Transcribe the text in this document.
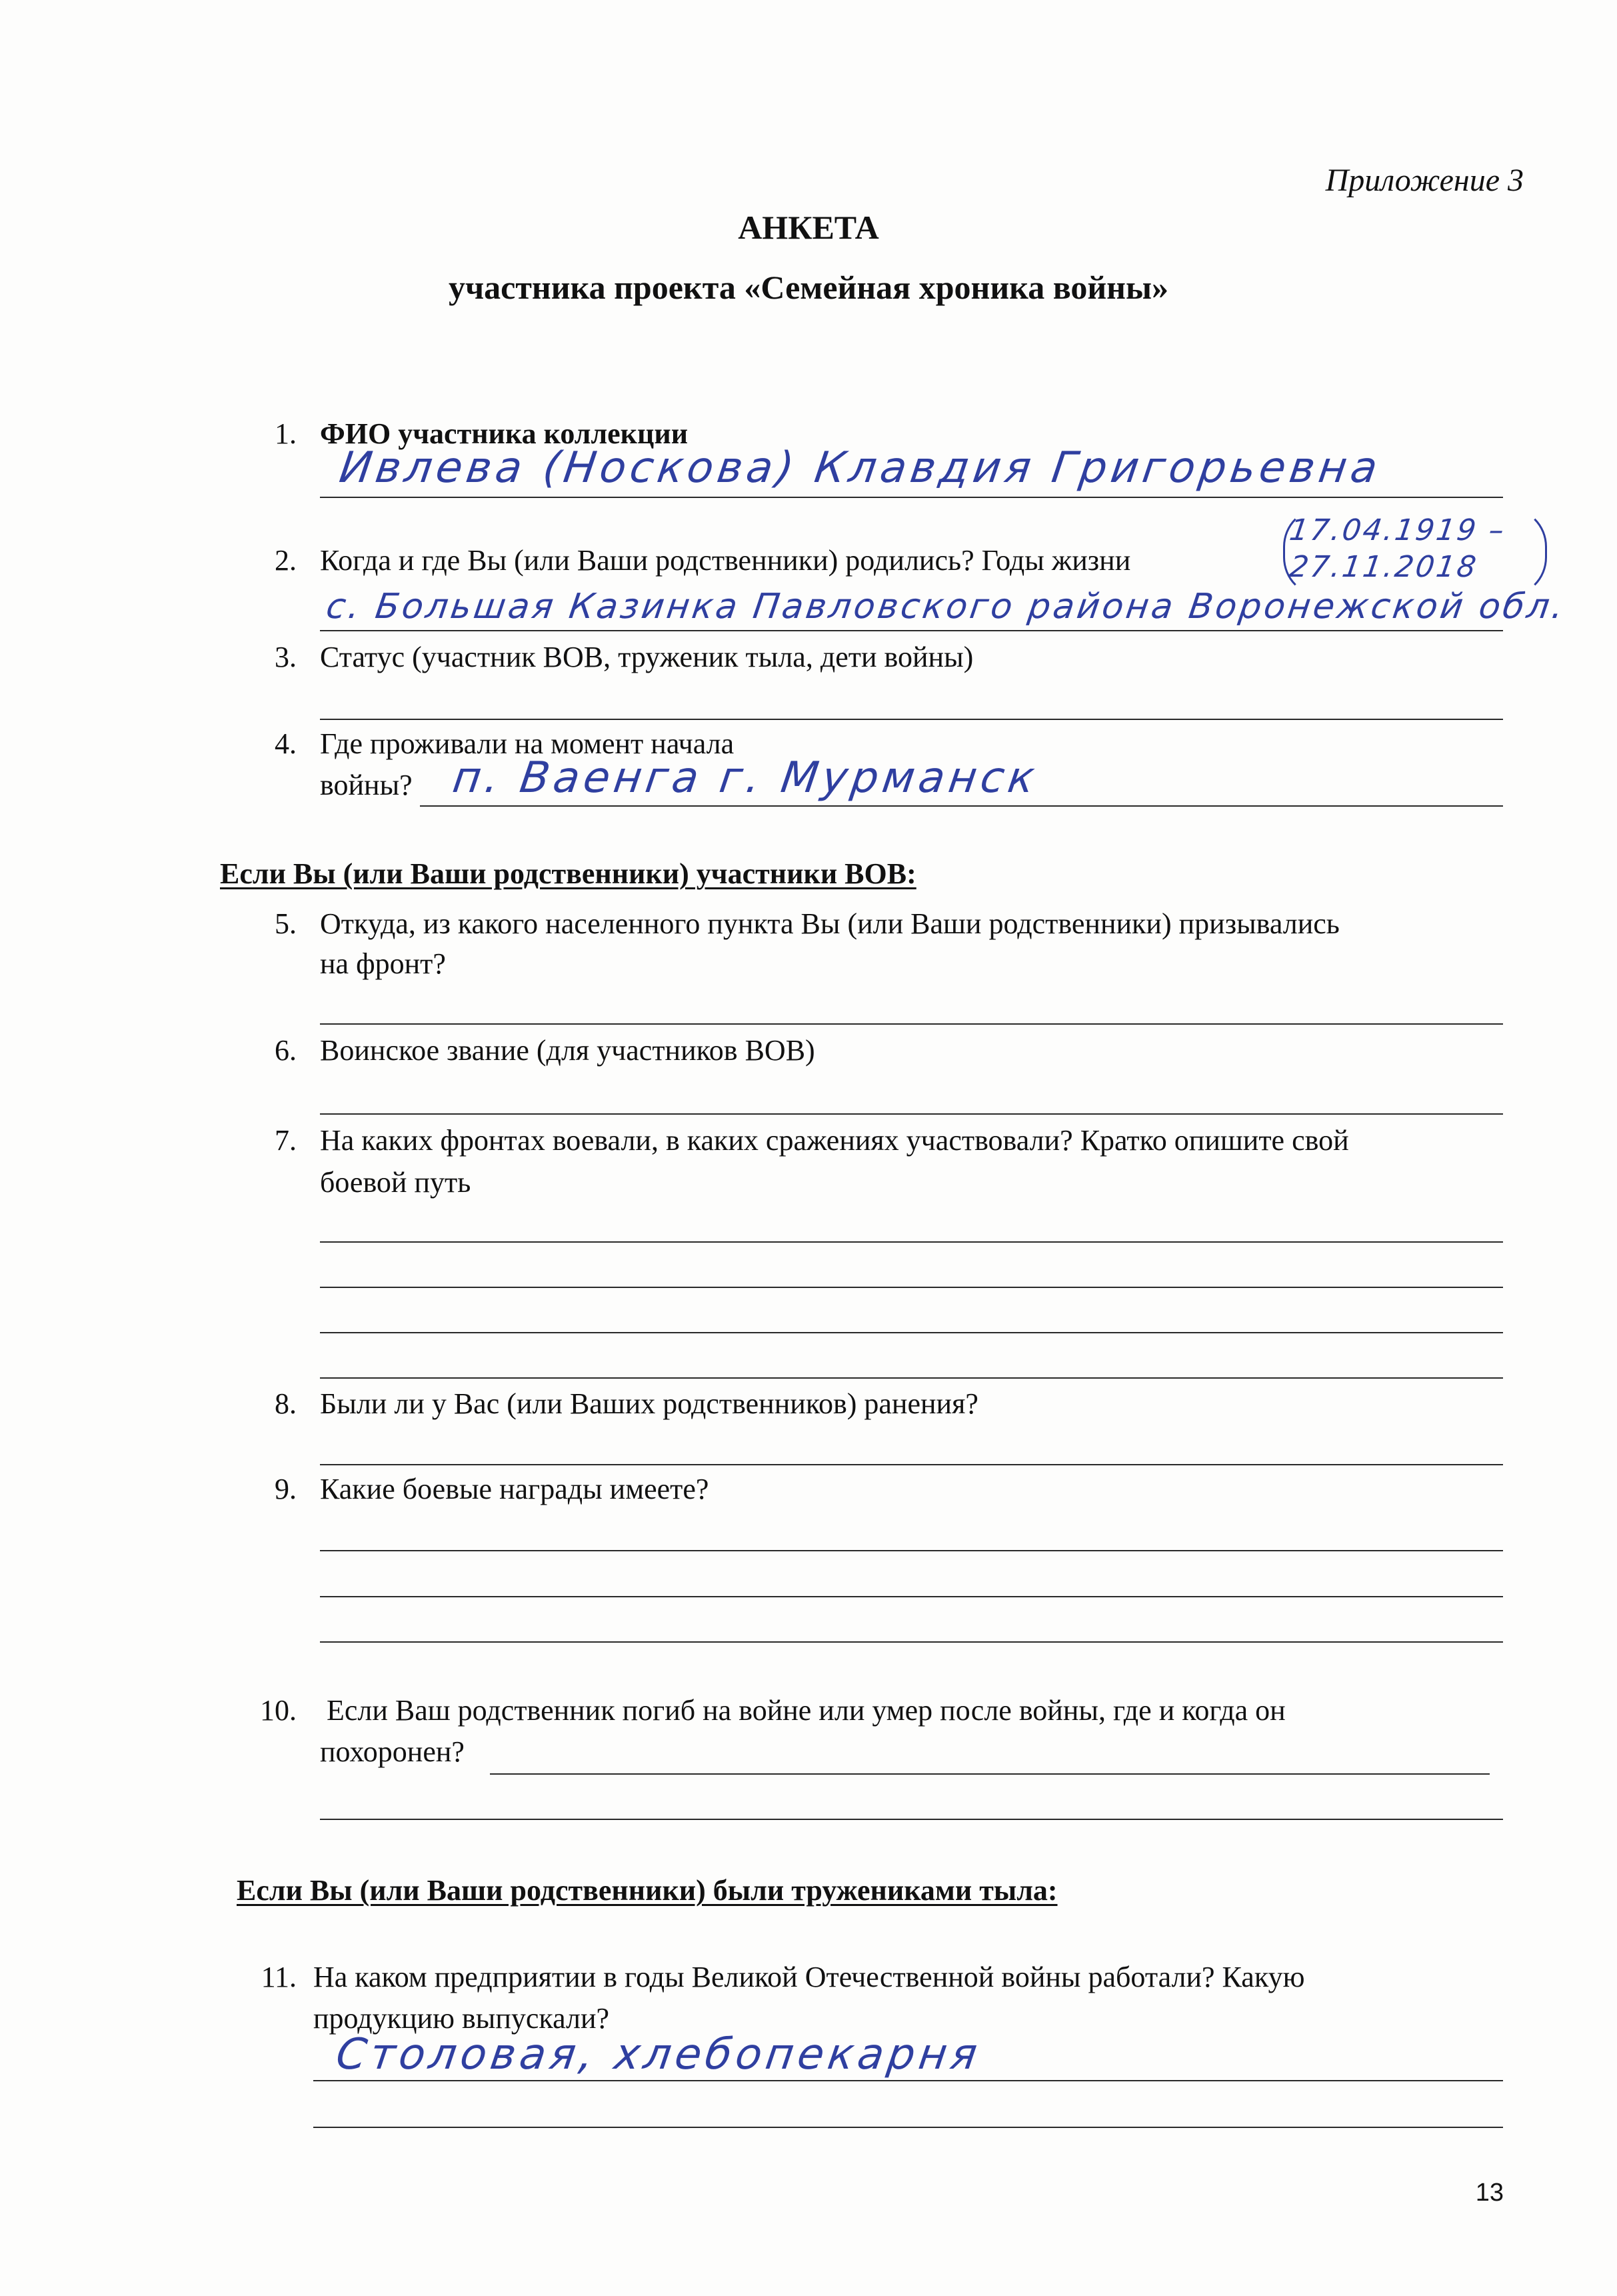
Приложение 3
АНКЕТА
участника проекта «Семейная хроника войны»
1. ФИО участника коллекции
Ивлева (Носкова) Клавдия Григорьевна
2. Когда и где Вы (или Ваши родственники) родились? Годы жизни
17.04.1919 –
27.11.2018
с. Большая Казинка Павловского района Воронежской обл.
3. Статус (участник ВОВ, труженик тыла, дети войны)
4. Где проживали на момент начала
войны? п. Ваенга г. Мурманск
Если Вы (или Ваши родственники) участники ВОВ:
5. Откуда, из какого населенного пункта Вы (или Ваши родственники) призывались
на фронт?
6. Воинское звание (для участников ВОВ)
7. На каких фронтах воевали, в каких сражениях участвовали? Кратко опишите свой
боевой путь
8. Были ли у Вас (или Ваших родственников) ранения?
9. Какие боевые награды имеете?
10. Если Ваш родственник погиб на войне или умер после войны, где и когда он
похоронен?
Если Вы (или Ваши родственники) были тружениками тыла:
11. На каком предприятии в годы Великой Отечественной войны работали? Какую
продукцию выпускали?
Столовая, хлебопекарня
13
